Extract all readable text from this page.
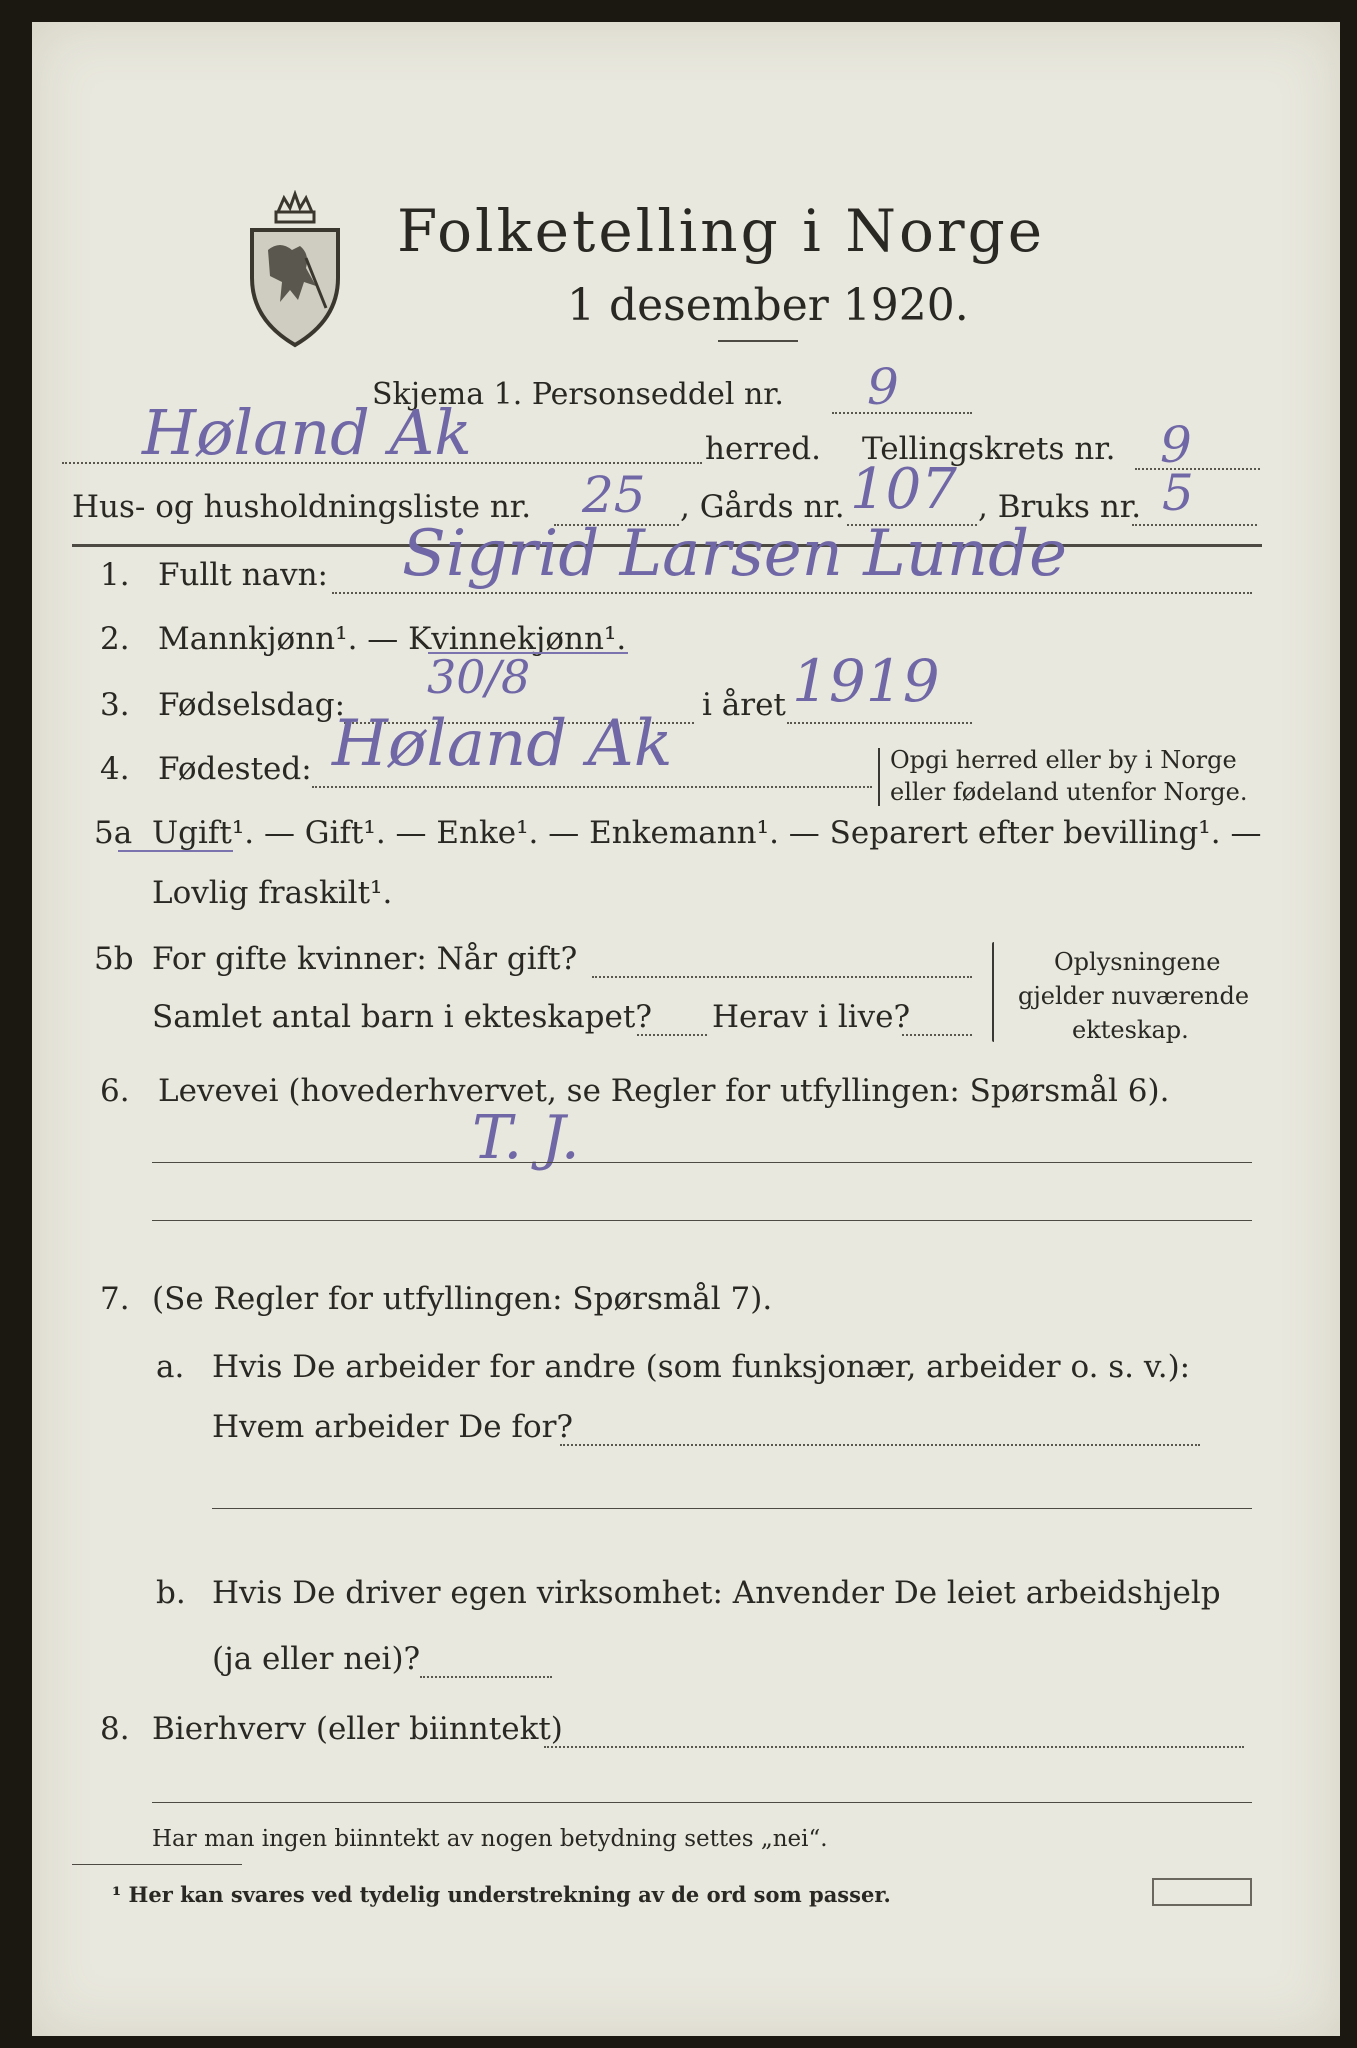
Folketelling i Norge
1 desember 1920.
Skjema 1. Personseddel nr. 9
Høland Ak	herred. Tellingskrets nr. 9
Hus- og husholdningsliste nr. 25 , Gårds nr. 107 , Bruks nr. 5
1. Fullt navn: Sigrid Larsen Lunde
2. Mannkjønn¹. — Kvinnekjønn¹.
3. Fødselsdag:
30/8
i året 1919
4. Fødested: Høland Ak	Opgi herred eller by i Norge
eller fødeland utenfor Norge.
5a Ugift¹. — Gift¹. — Enke¹. — Enkemann¹. — Separert efter bevilling¹. —
Lovlig fraskilt¹.
5b For gifte kvinner: Når gift?
Samlet antal barn i ekteskapet? Herav i live?
Oplysningene
gjelder nuværende
ekteskap.
6. Levevei (hovederhvervet, se Regler for utfyllingen: Spørsmål 6).
T. J.
7. (Se Regler for utfyllingen: Spørsmål 7).
a. Hvis De arbeider for andre (som funksjonær, arbeider o. s. v.):
Hvem arbeider De for?
b. Hvis De driver egen virksomhet: Anvender De leiet arbeidshjelp
(ja eller nei)?
8. Bierhverv (eller biinntekt)
Har man ingen biinntekt av nogen betydning settes „nei“.
¹ Her kan svares ved tydelig understrekning av de ord som passer.
